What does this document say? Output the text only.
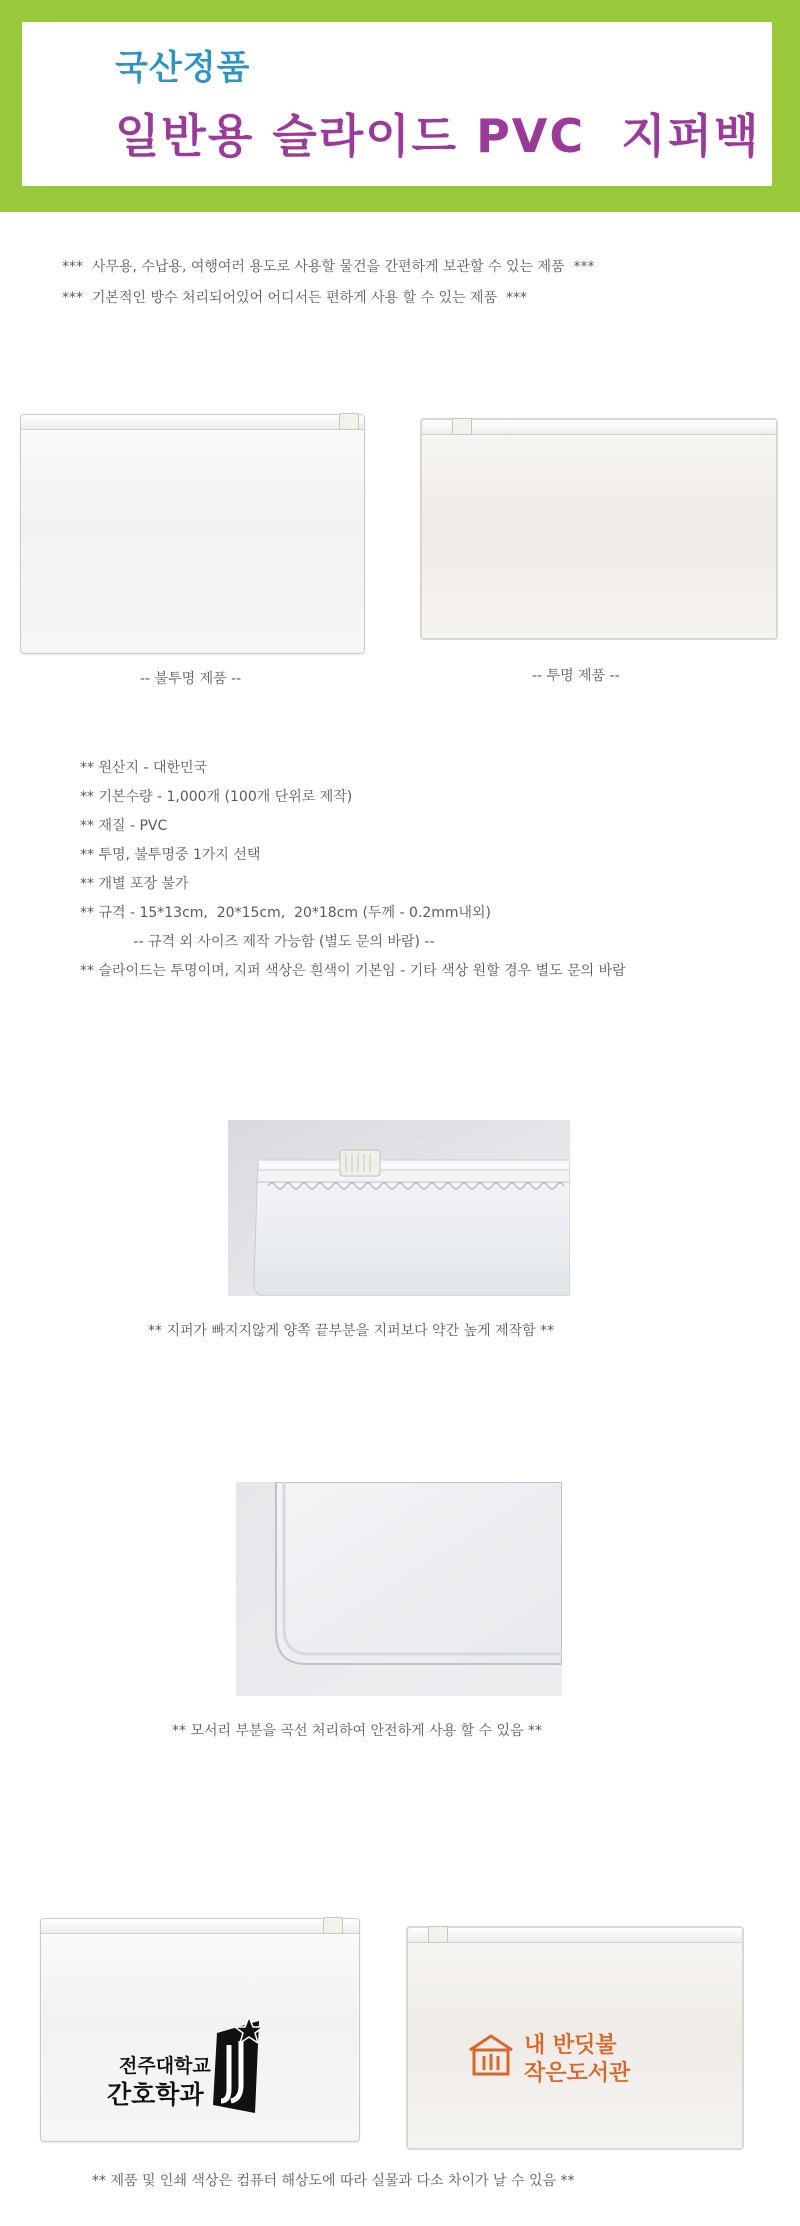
국산정품
일반용 슬라이드 PVC  지퍼백
***  사무용, 수납용, 여행여러 용도로 사용할 물건을 간편하게 보관할 수 있는 제품  ***
***  기본적인 방수 처리되어있어 어디서든 편하게 사용 할 수 있는 제품  ***
-- 불투명 제품 --	-- 투명 제품 --
** 원산지 - 대한민국
** 기본수량 - 1,000개 (100개 단위로 제작)
** 재질 - PVC
** 투명, 불투명중 1가지 선택
** 개별 포장 불가
** 규격 - 15*13cm,  20*15cm,  20*18cm (두께 - 0.2mm내외)
-- 규격 외 사이즈 제작 가능함 (별도 문의 바람) --
** 슬라이드는 투명이며, 지퍼 색상은 흰색이 기본임 - 기타 색상 원할 경우 별도 문의 바람
** 지퍼가 빠지지않게 양쪽 끝부분을 지퍼보다 약간 높게 제작함 **
** 모서리 부분을 곡선 처리하여 안전하게 사용 할 수 있음 **
전주대학교
간호학과
내 반딧불
작은도서관
** 제품 및 인쇄 색상은 컴퓨터 해상도에 따라 실물과 다소 차이가 날 수 있음 **
